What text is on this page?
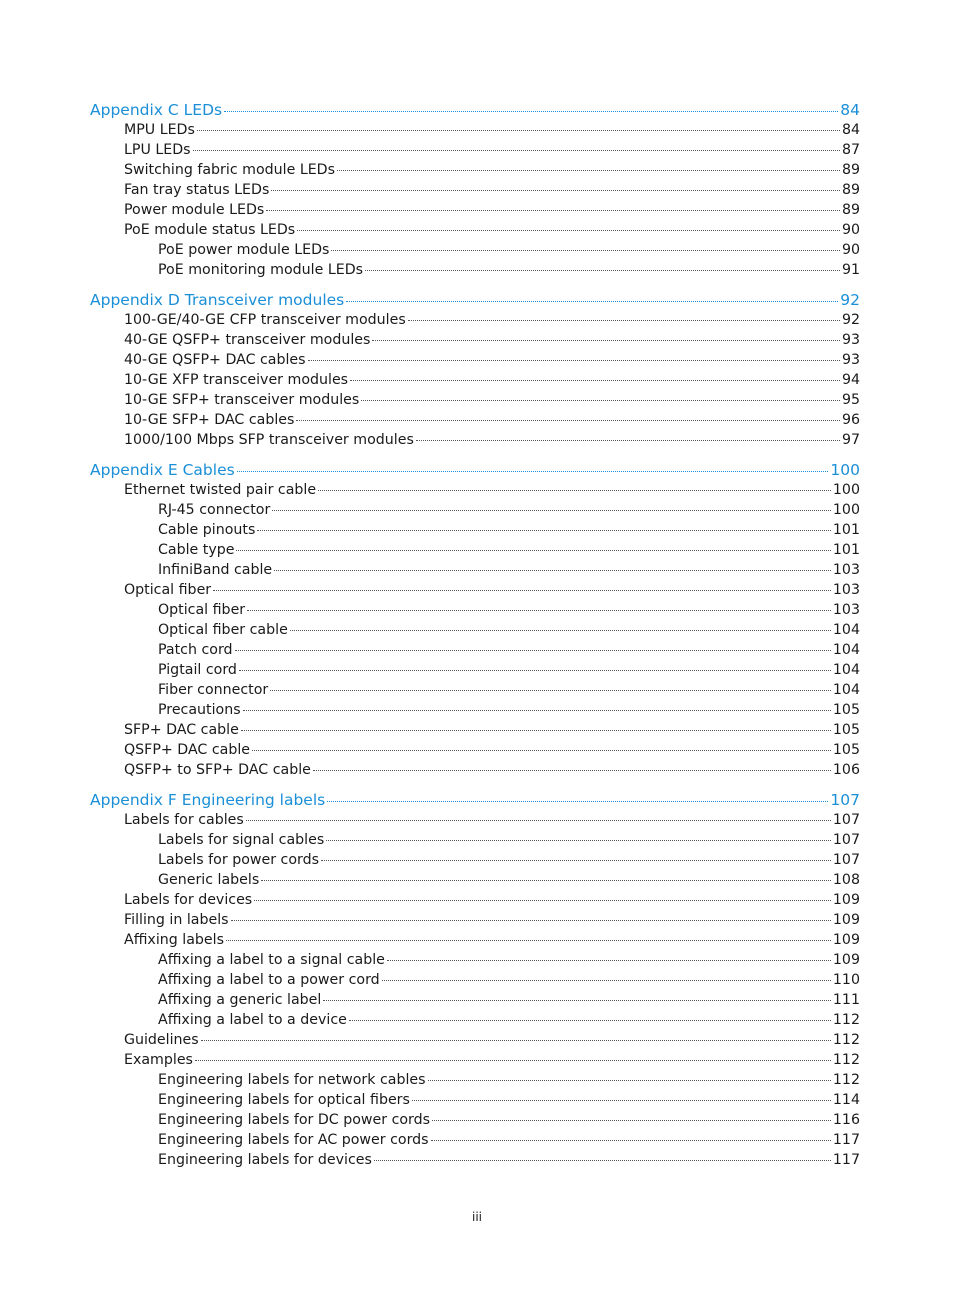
Appendix C LEDs	84
MPU LEDs	84
LPU LEDs	87
Switching fabric module LEDs	89
Fan tray status LEDs	89
Power module LEDs	89
PoE module status LEDs	90
PoE power module LEDs	90
PoE monitoring module LEDs	91
Appendix D Transceiver modules	92
100-GE/40-GE CFP transceiver modules	92
40-GE QSFP+ transceiver modules	93
40-GE QSFP+ DAC cables	93
10-GE XFP transceiver modules	94
10-GE SFP+ transceiver modules	95
10-GE SFP+ DAC cables	96
1000/100 Mbps SFP transceiver modules	97
Appendix E Cables	100
Ethernet twisted pair cable	100
RJ-45 connector	100
Cable pinouts	101
Cable type	101
InfiniBand cable	103
Optical fiber	103
Optical fiber	103
Optical fiber cable	104
Patch cord	104
Pigtail cord	104
Fiber connector	104
Precautions	105
SFP+ DAC cable	105
QSFP+ DAC cable	105
QSFP+ to SFP+ DAC cable	106
Appendix F Engineering labels	107
Labels for cables	107
Labels for signal cables	107
Labels for power cords	107
Generic labels	108
Labels for devices	109
Filling in labels	109
Affixing labels	109
Affixing a label to a signal cable	109
Affixing a label to a power cord	110
Affixing a generic label	111
Affixing a label to a device	112
Guidelines	112
Examples	112
Engineering labels for network cables	112
Engineering labels for optical fibers	114
Engineering labels for DC power cords	116
Engineering labels for AC power cords	117
Engineering labels for devices	117
iii
